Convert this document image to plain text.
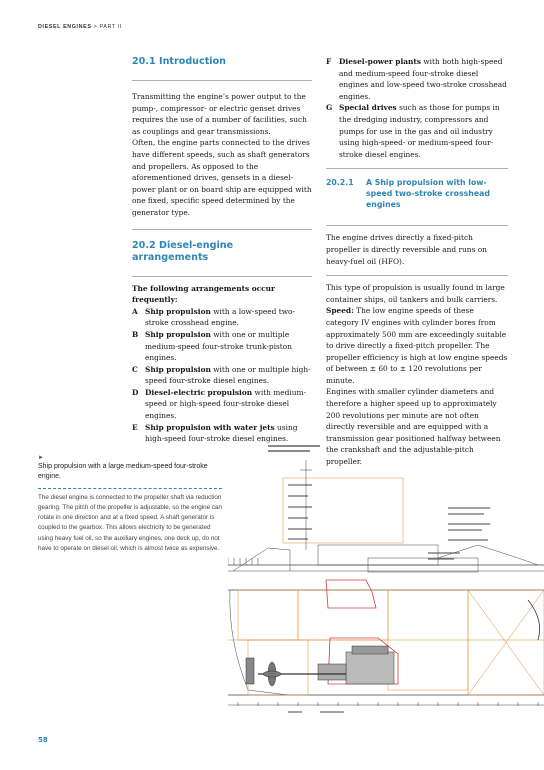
DIESEL ENGINES > PART II
20.1 Introduction

Transmitting the engine’s power output to the pump-, compressor- or electric genset drives requires the use of a number of facilities, such as couplings and gear transmissions.

Often, the engine parts connected to the drives have different speeds, such as shaft generators and propellers. As opposed to the aforementioned drives, gensets in a diesel-power plant or on board ship are equipped with one fixed, specific speed determined by the generator type.

20.2 Diesel-engine arrangements

The following arrangements occur frequently:

A Ship propulsion with a low-speed two-stroke crosshead engine.
B Ship propulsion with one or multiple medium-speed four-stroke trunk-piston engines.
C Ship propulsion with one or multiple high-speed four-stroke diesel engines.
D Diesel-electric propulsion with medium-speed or high-speed four-stroke diesel engines.
E Ship propulsion with water jets using high-speed four-stroke diesel engines.
F	Diesel-power plants with both high-speed and medium-speed four-stroke diesel engines and low-speed two-stroke crosshead engines.
G Special drives such as those for pumps in the dredging industry, compressors and pumps for use in the gas and oil industry using high-speed- or medium-speed four-stroke diesel engines.
20.2.1	A Ship propulsion with low-speed two-stroke crosshead engines

The engine drives directly a fixed-pitch propeller is directly reversible and runs on heavy-fuel oil (HFO).

This type of propulsion is usually found in large container ships, oil tankers and bulk carriers.

Speed: The low engine speeds of these category IV engines with cylinder bores from approximately 500 mm are exceedingly suitable to drive directly a fixed-pitch propeller. The propeller efficiency is high at low engine speeds of between ± 60 to ± 120 revolutions per minute.

Engines with smaller cylinder diameters and therefore a higher speed up to approximately 200 revolutions per minute are not often directly reversible and are equipped with a transmission gear positioned halfway between the crankshaft and the adjustable-pitch propeller.

►
Ship propulsion with a large medium-speed four-stroke engine.
The diesel engine is connected to the propeller shaft via reduction gearing. The pitch of the propeller is adjustable, so the engine can rotate in one direction and at a fixed speed. A shaft generator is coupled to the gearbox. This allows electricity to be generated using heavy fuel oil, so the auxiliary engines, one deck up, do not have to operate on diesel oil, which is almost twice as expensive.
58
